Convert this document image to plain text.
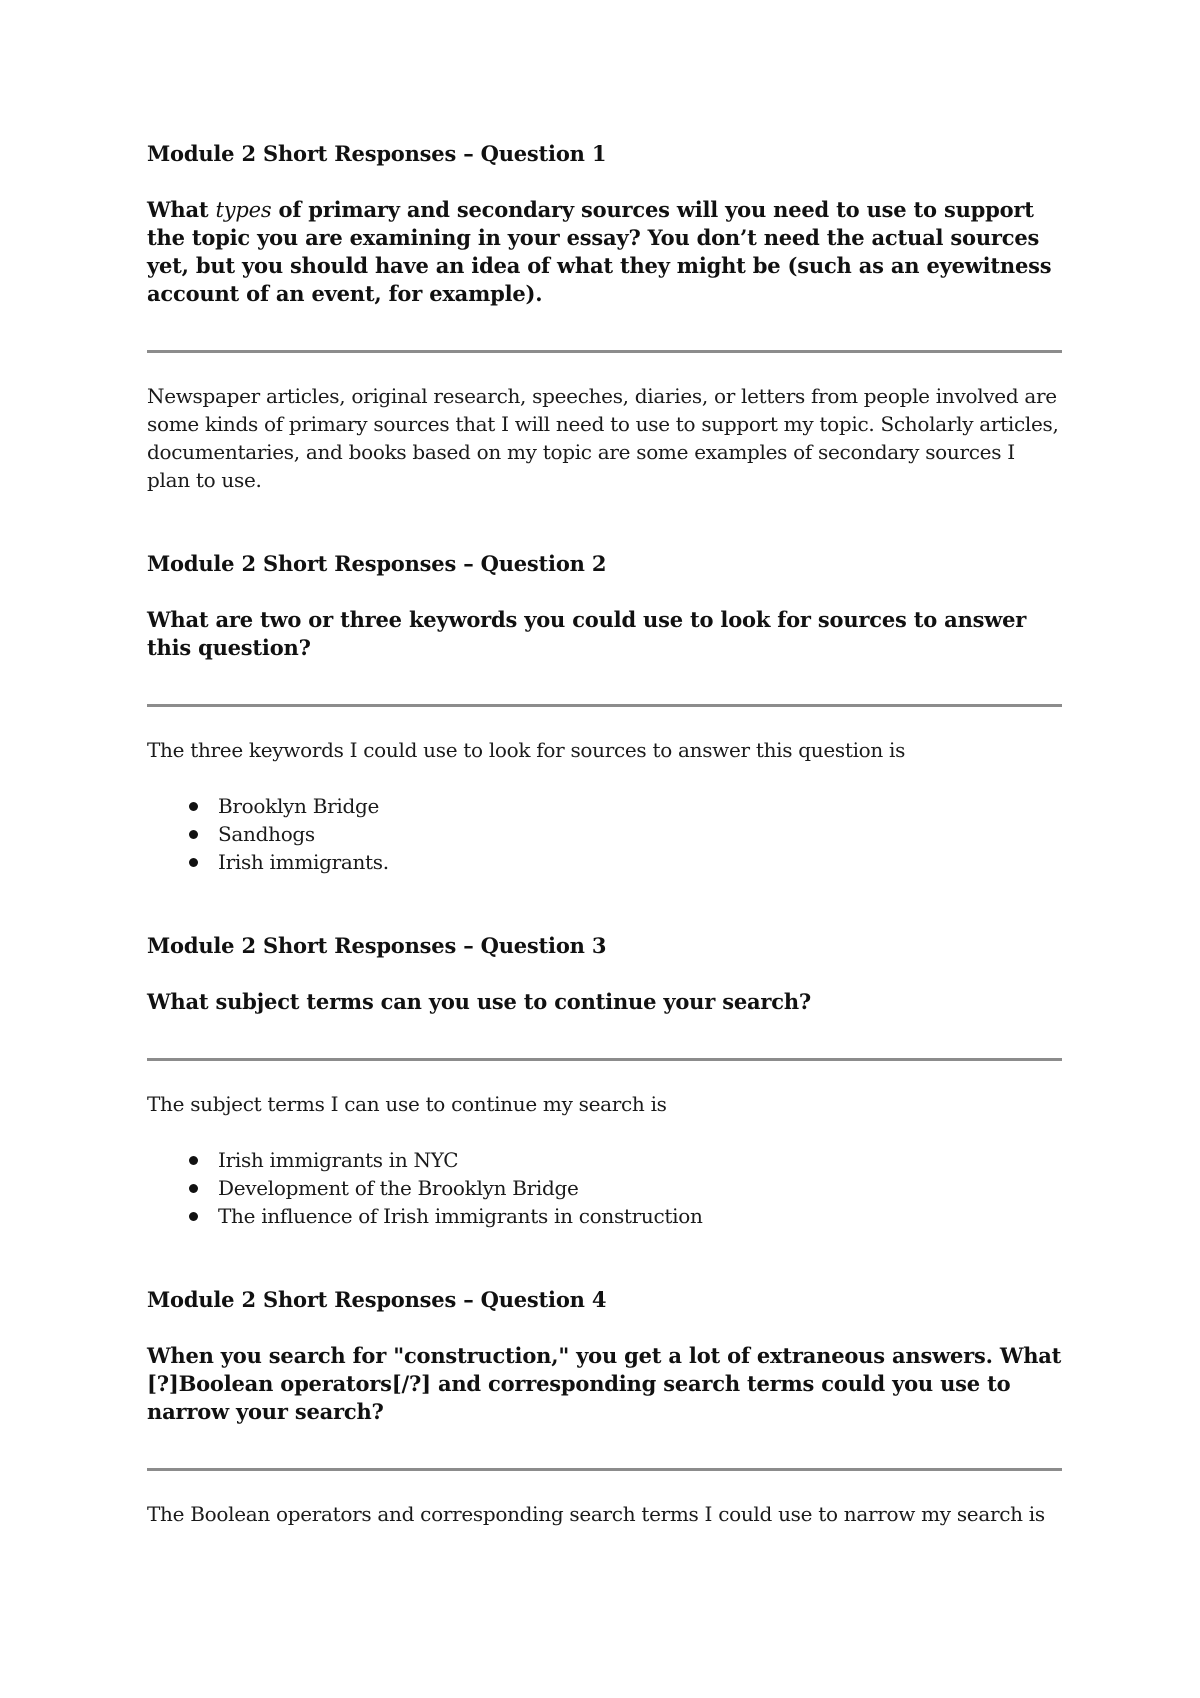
Module 2 Short Responses – Question 1

What types of primary and secondary sources will you need to use to support the topic you are examining in your essay? You don’t need the actual sources yet, but you should have an idea of what they might be (such as an eyewitness account of an event, for example).

Newspaper articles, original research, speeches, diaries, or letters from people involved are some kinds of primary sources that I will need to use to support my topic. Scholarly articles, documentaries, and books based on my topic are some examples of secondary sources I plan to use.

Module 2 Short Responses – Question 2

What are two or three keywords you could use to look for sources to answer this question?

The three keywords I could use to look for sources to answer this question is

Brooklyn Bridge
Sandhogs
Irish immigrants.

Module 2 Short Responses – Question 3

What subject terms can you use to continue your search?

The subject terms I can use to continue my search is

Irish immigrants in NYC
Development of the Brooklyn Bridge
The influence of Irish immigrants in construction

Module 2 Short Responses – Question 4

When you search for "construction," you get a lot of extraneous answers. What [?]Boolean operators[/?] and corresponding search terms could you use to narrow your search?

The Boolean operators and corresponding search terms I could use to narrow my search is
